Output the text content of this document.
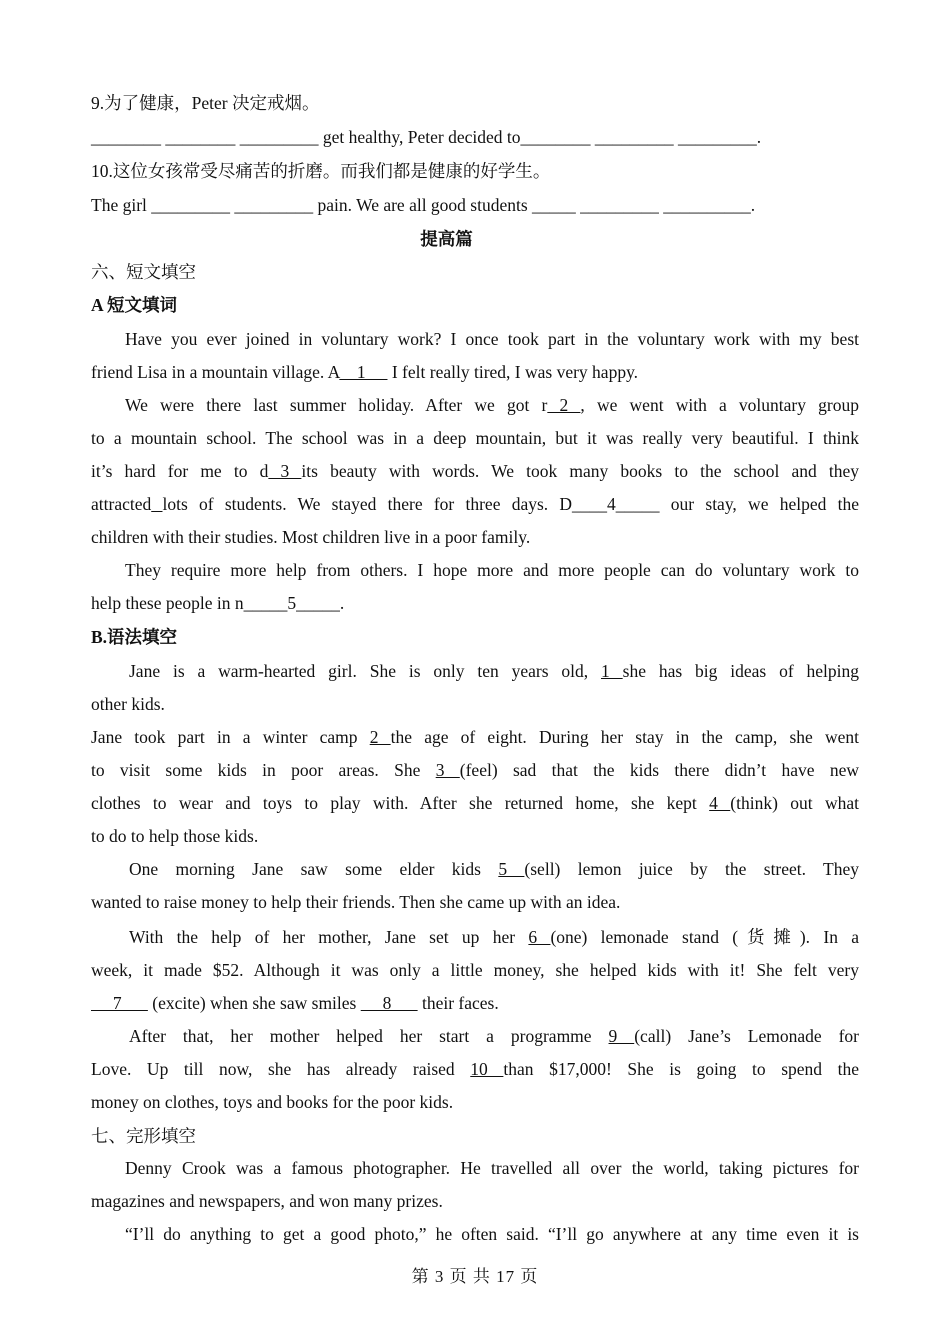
9.为了健康，Peter 决定戒烟。
________ ________ _________ get healthy, Peter decided to________ _________ _________.
10.这位女孩常受尽痛苦的折磨。而我们都是健康的好学生。
The girl _________ _________ pain. We are all good students _____ _________ __________.
提高篇
六、短文填空
A 短文填词
Have you ever joined in voluntary work? I once took part in the voluntary work with my best
friend Lisa in a mountain village. A    1      I felt really tired, I was very happy.
We were there last summer holiday. After we got r 2 , we went with a voluntary group
to a mountain school. The school was in a deep mountain, but it was really very beautiful. I think
it’s hard for me to d 3 its beauty with words. We took many books to the school and they
attracted lots of students. We stayed there for three days. D____4_____ our stay, we helped the
children with their studies. Most children live in a poor family.
They require more help from others. I hope more and more people can do voluntary work to
help these people in n_____5_____.
B.语法填空
Jane is a warm-hearted girl. She is only ten years old, 1 she has big ideas of helping
other kids.
Jane took part in a winter camp 2 the age of eight. During her stay in the camp, she went
to visit some kids in poor areas. She 3 (feel) sad that the kids there didn’t have new
clothes to wear and toys to play with. After she returned home, she kept 4 (think) out what
to do to help those kids.
One morning Jane saw some elder kids 5 (sell) lemon juice by the street. They
wanted to raise money to help their friends. Then she came up with an idea.
With the help of her mother, Jane set up her 6 (one) lemonade stand (货摊). In a
week, it made $52. Although it was only a little money, she helped kids with it! She felt very
7       (excite) when she saw smiles      8       their faces.
After that, her mother helped her start a programme 9 (call) Jane’s Lemonade for
Love. Up till now, she has already raised 10 than $17,000! She is going to spend the
money on clothes, toys and books for the poor kids.
七、完形填空
Denny Crook was a famous photographer. He travelled all over the world, taking pictures for
magazines and newspapers, and won many prizes.
“I’ll do anything to get a good photo,” he often said. “I’ll go anywhere at any time even it is
第 3 页 共 17 页
